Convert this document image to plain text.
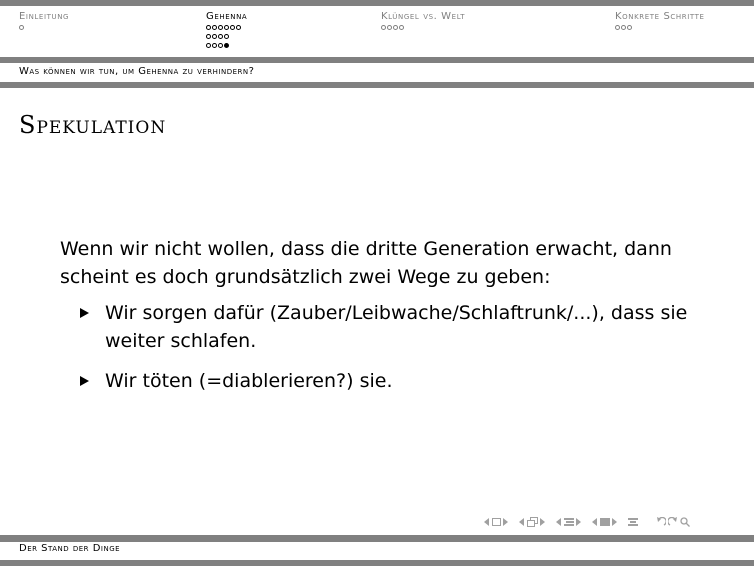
Einleitung	Gehenna	Klüngel vs. Welt	Konkrete Schritte
Was können wir tun, um Gehenna zu verhindern?
Spekulation

Wenn wir nicht wollen, dass die dritte Generation erwacht, dann scheint es doch grundsätzlich zwei Wege zu geben:

Wir sorgen dafür (Zauber/Leibwache/Schlaftrunk/...), dass sie weiter schlafen.
Wir töten (=diablerieren?) sie.
Der Stand der Dinge
